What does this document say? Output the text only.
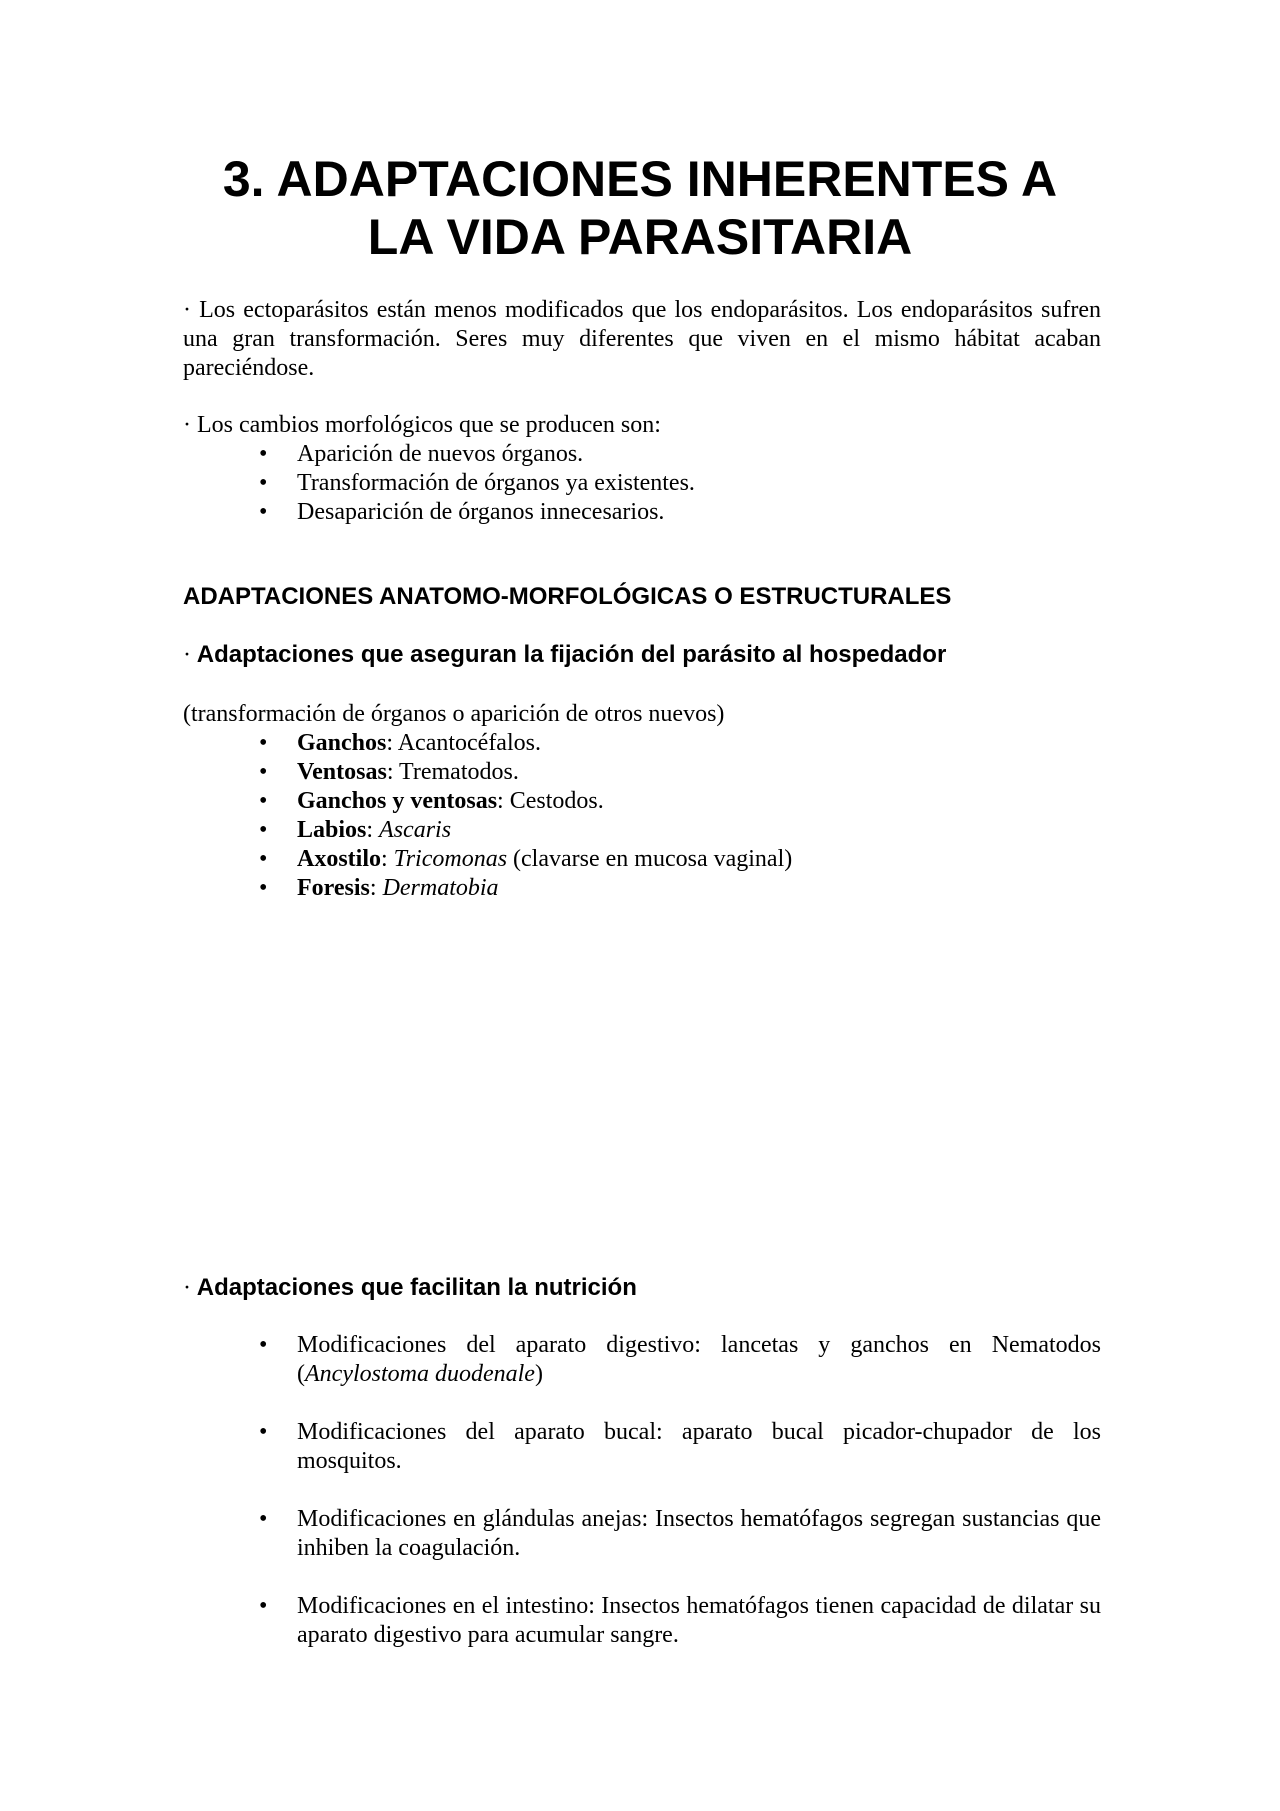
3. ADAPTACIONES INHERENTES A
LA VIDA PARASITARIA

· Los ectoparásitos están menos modificados que los endoparásitos. Los endoparásitos sufren una gran transformación. Seres muy diferentes que viven en el mismo hábitat acaban pareciéndose.

· Los cambios morfológicos que se producen son:

• Aparición de nuevos órganos.
• Transformación de órganos ya existentes.
• Desaparición de órganos innecesarios.
ADAPTACIONES ANATOMO-MORFOLÓGICAS O ESTRUCTURALES
· Adaptaciones que aseguran la fijación del parásito al hospedador

(transformación de órganos o aparición de otros nuevos)

• Ganchos: Acantocéfalos.
• Ventosas: Trematodos.
• Ganchos y ventosas: Cestodos.
• Labios: Ascaris
• Axostilo: Tricomonas (clavarse en mucosa vaginal)
• Foresis: Dermatobia
· Adaptaciones que facilitan la nutrición
• Modificaciones del aparato digestivo: lancetas y ganchos en Nematodos (Ancylostoma duodenale)
• Modificaciones del aparato bucal: aparato bucal picador-chupador de los mosquitos.
• Modificaciones en glándulas anejas: Insectos hematófagos segregan sustancias que inhiben la coagulación.
• Modificaciones en el intestino: Insectos hematófagos tienen capacidad de dilatar su aparato digestivo para acumular sangre.
